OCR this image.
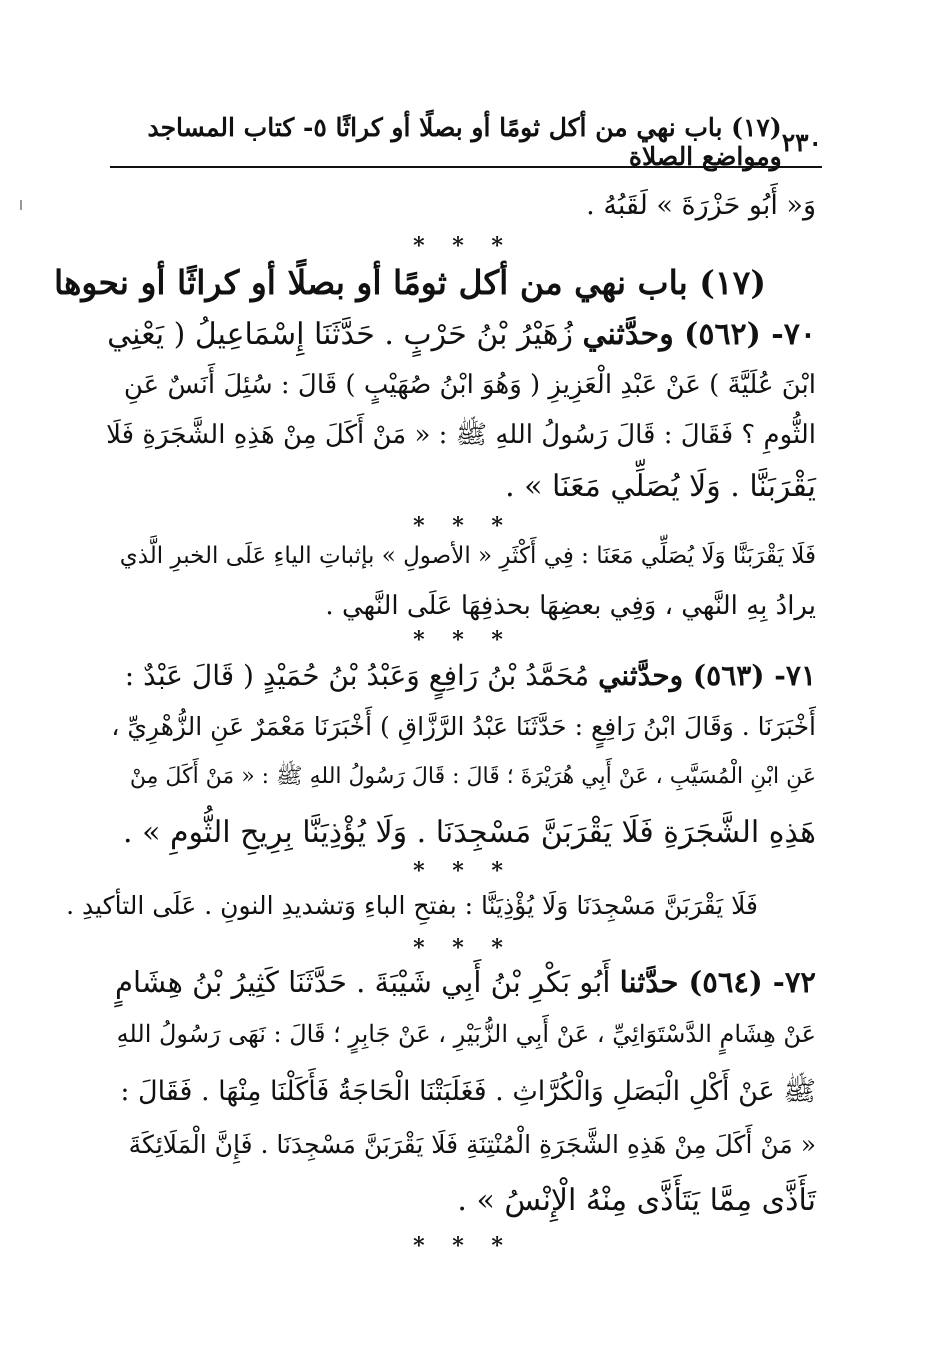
٢٣٠
(١٧) باب نهي من أكل ثومًا أو بصلًا أو كراثًا ٥- كتاب المساجد ومواضع الصلاة
وَ« أَبُو حَزْرَةَ » لَقَبُهُ .
* * *
(١٧) باب نهي من أكل ثومًا أو بصلًا أو كراثًا أو نحوها
٧٠- (٥٦٢) وحدَّثني زُهَيْرُ بْنُ حَرْبٍ . حَدَّثَنَا إِسْمَاعِيلُ ( يَعْنِي
ابْنَ عُلَيَّةَ ) عَنْ عَبْدِ الْعَزِيزِ ( وَهُوَ ابْنُ صُهَيْبٍ ) قَالَ : سُئِلَ أَنَسٌ عَنِ
الثُّومِ ؟ فَقَالَ : قَالَ رَسُولُ اللهِ ﷺ : « مَنْ أَكَلَ مِنْ هَذِهِ الشَّجَرَةِ فَلَا
يَقْرَبَنَّا . وَلَا يُصَلِّي مَعَنَا » .
* * *
فَلَا يَقْرَبَنَّا وَلَا يُصَلِّي مَعَنَا : فِي أَكْثَرِ « الأصولِ » بإثباتِ الياءِ عَلَى الخبرِ الَّذي
يرادُ بِهِ النَّهي ، وَفِي بعضِهَا بحذفِهَا عَلَى النَّهي .
* * *
٧١- (٥٦٣) وحدَّثني مُحَمَّدُ بْنُ رَافِعٍ وَعَبْدُ بْنُ حُمَيْدٍ ( قَالَ عَبْدٌ :
أَخْبَرَنَا . وَقَالَ ابْنُ رَافِعٍ : حَدَّثَنَا عَبْدُ الرَّزَّاقِ ) أَخْبَرَنَا مَعْمَرٌ عَنِ الزُّهْرِيِّ ،
عَنِ ابْنِ الْمُسَيَّبِ ، عَنْ أَبِي هُرَيْرَةَ ؛ قَالَ : قَالَ رَسُولُ اللهِ ﷺ : « مَنْ أَكَلَ مِنْ
هَذِهِ الشَّجَرَةِ فَلَا يَقْرَبَنَّ مَسْجِدَنَا . وَلَا يُؤْذِيَنَّا بِرِيحِ الثُّومِ » .
* * *
فَلَا يَقْرَبَنَّ مَسْجِدَنَا وَلَا يُؤْذِيَنَّا : بفتحِ الباءِ وَتشديدِ النونِ . عَلَى التأكيدِ .
* * *
٧٢- (٥٦٤) حدَّثنا أَبُو بَكْرِ بْنُ أَبِي شَيْبَةَ . حَدَّثَنَا كَثِيرُ بْنُ هِشَامٍ
عَنْ هِشَامٍ الدَّسْتَوَائِيِّ ، عَنْ أَبِي الزُّبَيْرِ ، عَنْ جَابِرٍ ؛ قَالَ : نَهَى رَسُولُ اللهِ
ﷺ عَنْ أَكْلِ الْبَصَلِ وَالْكُرَّاثِ . فَغَلَبَتْنَا الْحَاجَةُ فَأَكَلْنَا مِنْهَا . فَقَالَ :
« مَنْ أَكَلَ مِنْ هَذِهِ الشَّجَرَةِ الْمُنْتِنَةِ فَلَا يَقْرَبَنَّ مَسْجِدَنَا . فَإِنَّ الْمَلَائِكَةَ
تَأَذَّى مِمَّا يَتَأَذَّى مِنْهُ الْإِنْسُ » .
* * *
